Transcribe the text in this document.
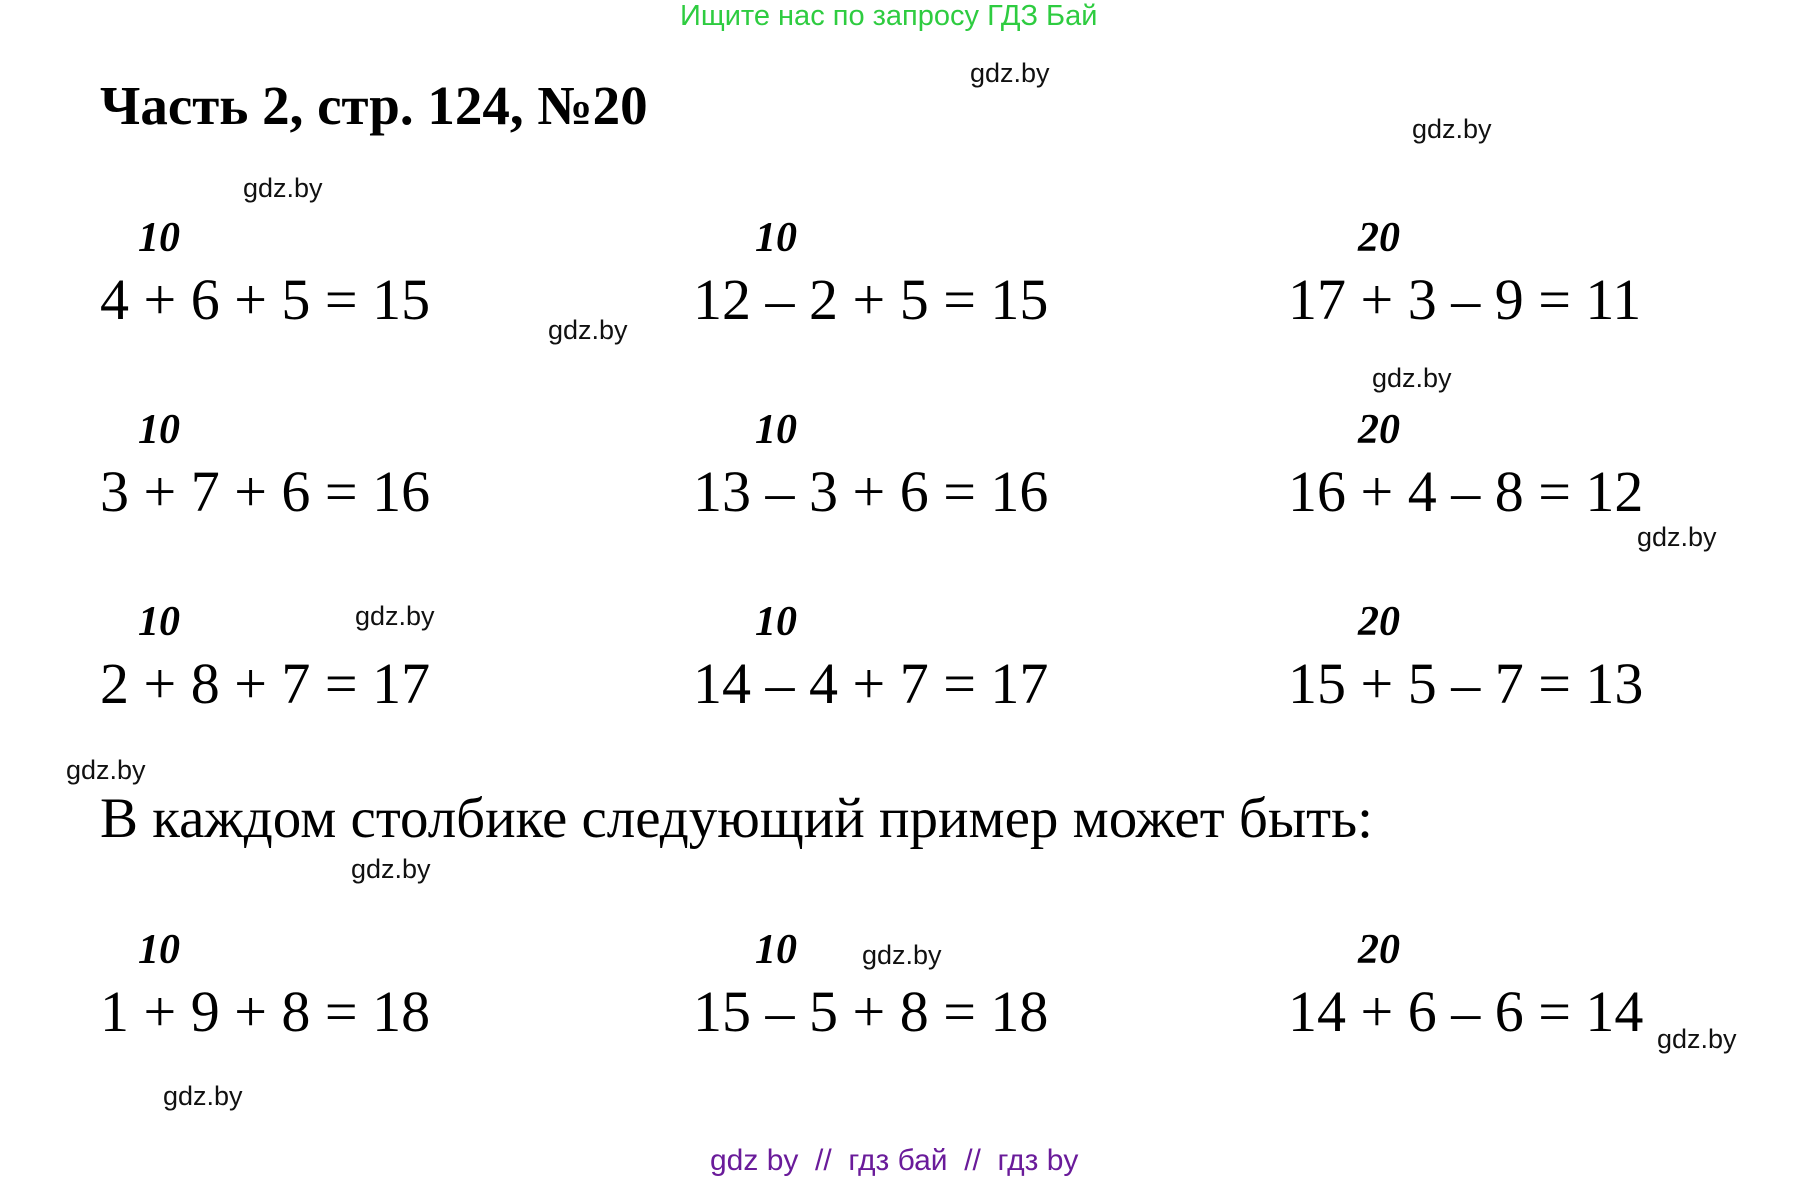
Ищите нас по запросу ГДЗ Бай
Часть 2, стр. 124, №20
gdz.by
gdz.by
gdz.by
gdz.by
gdz.by
gdz.by
gdz.by
gdz.by
gdz.by
gdz.by
gdz.by
gdz.by
10
4 + 6 + 5 = 15
10
12 – 2 + 5 = 15
20
17 + 3 – 9 = 11
10
3 + 7 + 6 = 16
10
13 – 3 + 6 = 16
20
16 + 4 – 8 = 12
10
2 + 8 + 7 = 17
10
14 – 4 + 7 = 17
20
15 + 5 – 7 = 13
В каждом столбике следующий пример может быть:
10
1 + 9 + 8 = 18
10
15 – 5 + 8 = 18
20
14 + 6 – 6 = 14
gdz by  //  гдз бай  //  гдз by
